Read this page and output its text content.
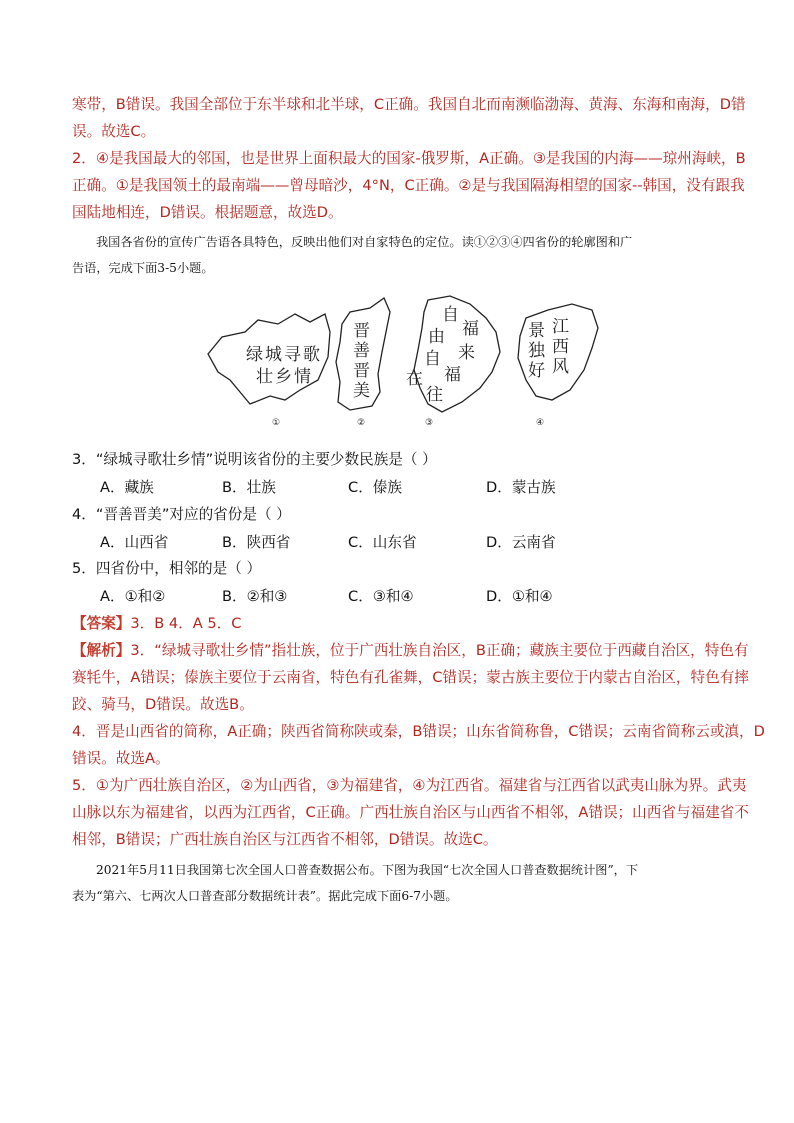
寒带，B错误。我国全部位于东半球和北半球，C正确。我国自北而南濒临渤海、黄海、东海和南海，D错
误。故选C。
2．④是我国最大的邻国，也是世界上面积最大的国家-俄罗斯，A正确。③是我国的内海——琼州海峡，B
正确。①是我国领土的最南端——曾母暗沙，4°N，C正确。②是与我国隔海相望的国家--韩国，没有跟我
国陆地相连，D错误。根据题意，故选D。
我国各省份的宣传广告语各具特色，反映出他们对自家特色的定位。读①②③④四省份的轮廓图和广
告语，完成下面3-5小题。
绿 城 寻 歌
壮 乡 情
①
晋
善
晋
美
②
自
由 福
来
自
在 福
往
③
景
独
好
江
西
风
④
3．“绿城寻歌壮乡情”说明该省份的主要少数民族是（ ）
A．藏族	B．壮族	C．傣族	D．蒙古族
4．“晋善晋美”对应的省份是（ ）
A．山西省	B．陕西省	C．山东省	D．云南省
5．四省份中，相邻的是（ ）
A．①和②	B．②和③	C．③和④	D．①和④
【答案】3．B 4．A 5．C
【解析】3．“绿城寻歌壮乡情”指壮族，位于广西壮族自治区，B正确；藏族主要位于西藏自治区，特色有
赛牦牛，A错误；傣族主要位于云南省，特色有孔雀舞，C错误；蒙古族主要位于内蒙古自治区，特色有摔
跤、骑马，D错误。故选B。
4．晋是山西省的简称，A正确；陕西省简称陕或秦，B错误；山东省简称鲁，C错误；云南省简称云或滇，D
错误。故选A。
5．①为广西壮族自治区，②为山西省，③为福建省，④为江西省。福建省与江西省以武夷山脉为界。武夷
山脉以东为福建省，以西为江西省，C正确。广西壮族自治区与山西省不相邻，A错误；山西省与福建省不
相邻，B错误；广西壮族自治区与江西省不相邻，D错误。故选C。
2021年5月11日我国第七次全国人口普查数据公布。下图为我国“七次全国人口普查数据统计图”，下
表为“第六、七两次人口普查部分数据统计表”。据此完成下面6-7小题。
